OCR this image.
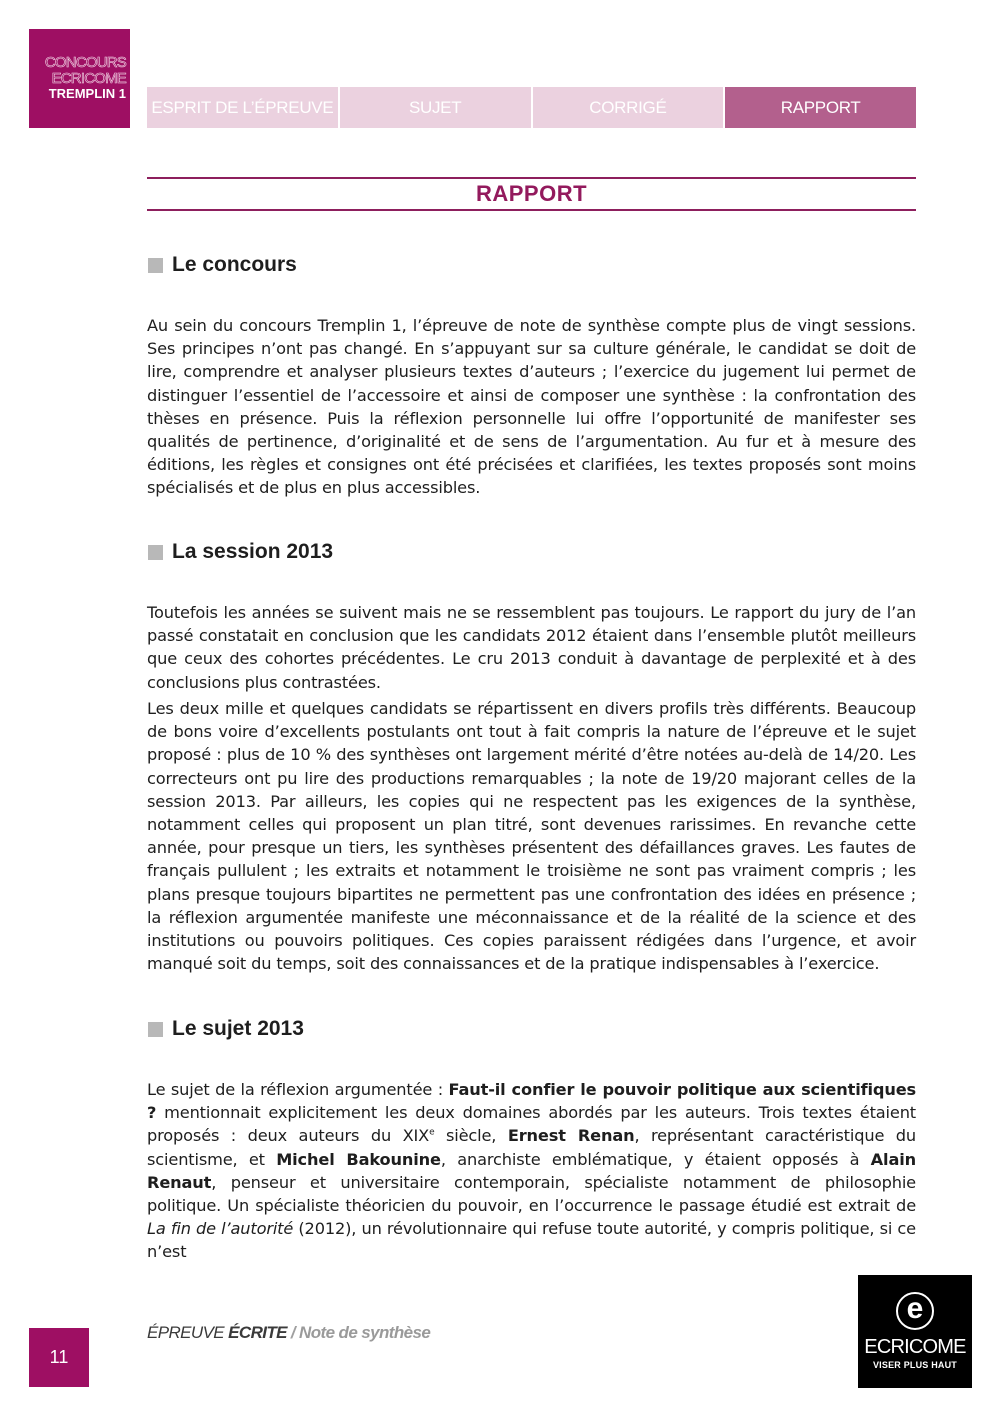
CONCOURS
ECRICOME
TREMPLIN 1
ESPRIT DE L’ÉPREUVE	SUJET	CORRIGÉ	RAPPORT
RAPPORT
Le concours

Au sein du concours Tremplin 1, l’épreuve de note de synthèse compte plus de vingt sessions. Ses principes n’ont pas changé. En s’appuyant sur sa culture générale, le candidat se doit de lire, comprendre et analyser plusieurs textes d’auteurs ; l’exercice du jugement lui permet de distinguer l’essentiel de l’accessoire et ainsi de composer une synthèse : la confrontation des thèses en présence. Puis la réflexion personnelle lui offre l’opportunité de manifester ses qualités de pertinence, d’originalité et de sens de l’argumentation. Au fur et à mesure des éditions, les règles et consignes ont été précisées et clarifiées, les textes proposés sont moins spécialisés et de plus en plus accessibles.

La session 2013

Toutefois les années se suivent mais ne se ressemblent pas toujours. Le rapport du jury de l’an passé constatait en conclusion que les candidats 2012 étaient dans l’ensemble plutôt meilleurs que ceux des cohortes précédentes. Le cru 2013 conduit à davantage de perplexité et à des conclusions plus contrastées.

Les deux mille et quelques candidats se répartissent en divers profils très différents. Beaucoup de bons voire d’excellents postulants ont tout à fait compris la nature de l’épreuve et le sujet proposé : plus de 10 % des synthèses ont largement mérité d’être notées au-delà de 14/20. Les correcteurs ont pu lire des productions remarquables ; la note de 19/20 majorant celles de la session 2013. Par ailleurs, les copies qui ne respectent pas les exigences de la synthèse, notamment celles qui proposent un plan titré, sont devenues rarissimes. En revanche cette année, pour presque un tiers, les synthèses présentent des défaillances graves. Les fautes de français pullulent ; les extraits et notamment le troisième ne sont pas vraiment compris ; les plans presque toujours bipartites ne permettent pas une confrontation des idées en présence ; la réflexion argumentée manifeste une méconnaissance et de la réalité de la science et des institutions ou pouvoirs politiques. Ces copies paraissent rédigées dans l’urgence, et avoir manqué soit du temps, soit des connaissances et de la pratique indispensables à l’exercice.

Le sujet 2013

Le sujet de la réflexion argumentée : Faut-il confier le pouvoir politique aux scientifiques ? mentionnait explicitement les deux domaines abordés par les auteurs. Trois textes étaient proposés : deux auteurs du XIXe siècle, Ernest Renan, représentant caractéristique du scientisme, et Michel Bakounine, anarchiste emblématique, y étaient opposés à Alain Renaut, penseur et universitaire contemporain, spécialiste notamment de philosophie politique. Un spécialiste théoricien du pouvoir, en l’occurrence le passage étudié est extrait de La fin de l’autorité (2012), un révolutionnaire qui refuse toute autorité, y compris politique, si ce n’est

11
ÉPREUVE ÉCRITE / Note de synthèse
e
ECRICOME
VISER PLUS HAUT
